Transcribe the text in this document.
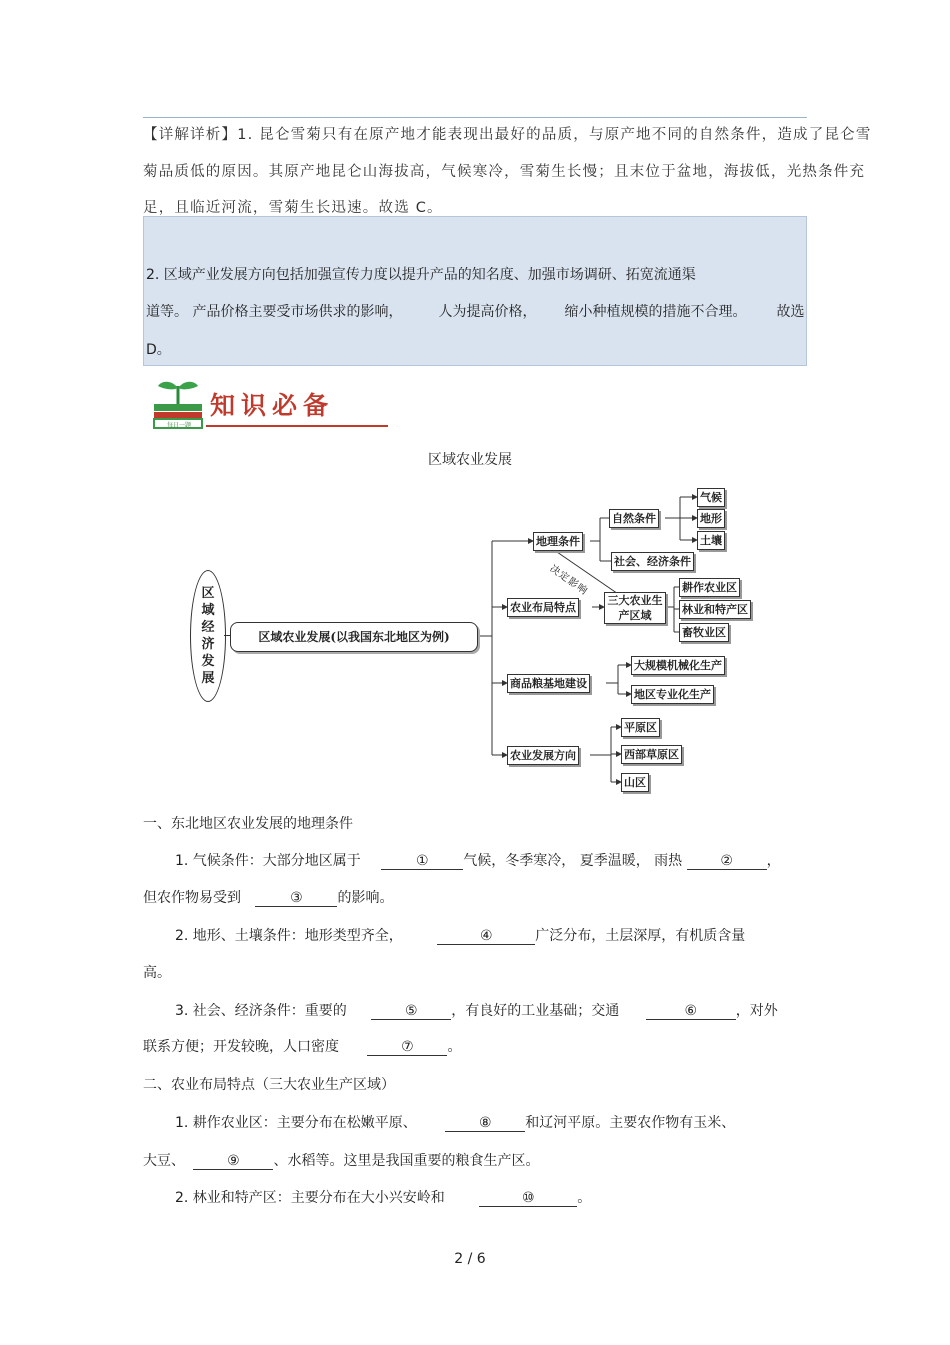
【详解详析】1. 昆仑雪菊只有在原产地才能表现出最好的品质，与原产地不同的自然条件，造成了昆仑雪
菊品质低的原因。其原产地昆仑山海拔高，气候寒冷，雪菊生长慢；且末位于盆地，海拔低，光热条件充
足，且临近河流，雪菊生长迅速。故选 C。
2. 区域产业发展方向包括加强宣传力度以提升产品的知名度、加强市场调研、拓宽流通渠
道等。 产品价格主要受市场供求的影响，	人为提高价格， 缩小种植规模的措施不合理。 故选
D。
每日一题
知识必备
区域农业发展
区域经济发展
区域农业发展(以我国东北地区为例)
地理条件
自然条件
气候
地形
土壤
社会、经济条件
决定影响
农业布局特点
三大农业生产区域
耕作农业区
林业和特产区
畜牧业区
商品粮基地建设
大规模机械化生产
地区专业化生产
农业发展方向
平原区
西部草原区
山区
一、东北地区农业发展的地理条件
1. 气候条件：大部分地区属于	① 气候，冬季寒冷， 夏季温暖， 雨热	② ，
但农作物易受到	③ 的影响。
2. 地形、土壤条件：地形类型齐全，	④	广泛分布，土层深厚，有机质含量
高。
3. 社会、经济条件：重要的	⑤ ，有良好的工业基础；交通	⑥	，对外
联系方便；开发较晚，人口密度	⑦ 。
二、农业布局特点（三大农业生产区域）
1. 耕作农业区：主要分布在松嫩平原、	⑧ 和辽河平原。主要农作物有玉米、
大豆、	⑨ 、水稻等。这里是我国重要的粮食生产区。
2. 林业和特产区：主要分布在大小兴安岭和	⑩	。
2 / 6
